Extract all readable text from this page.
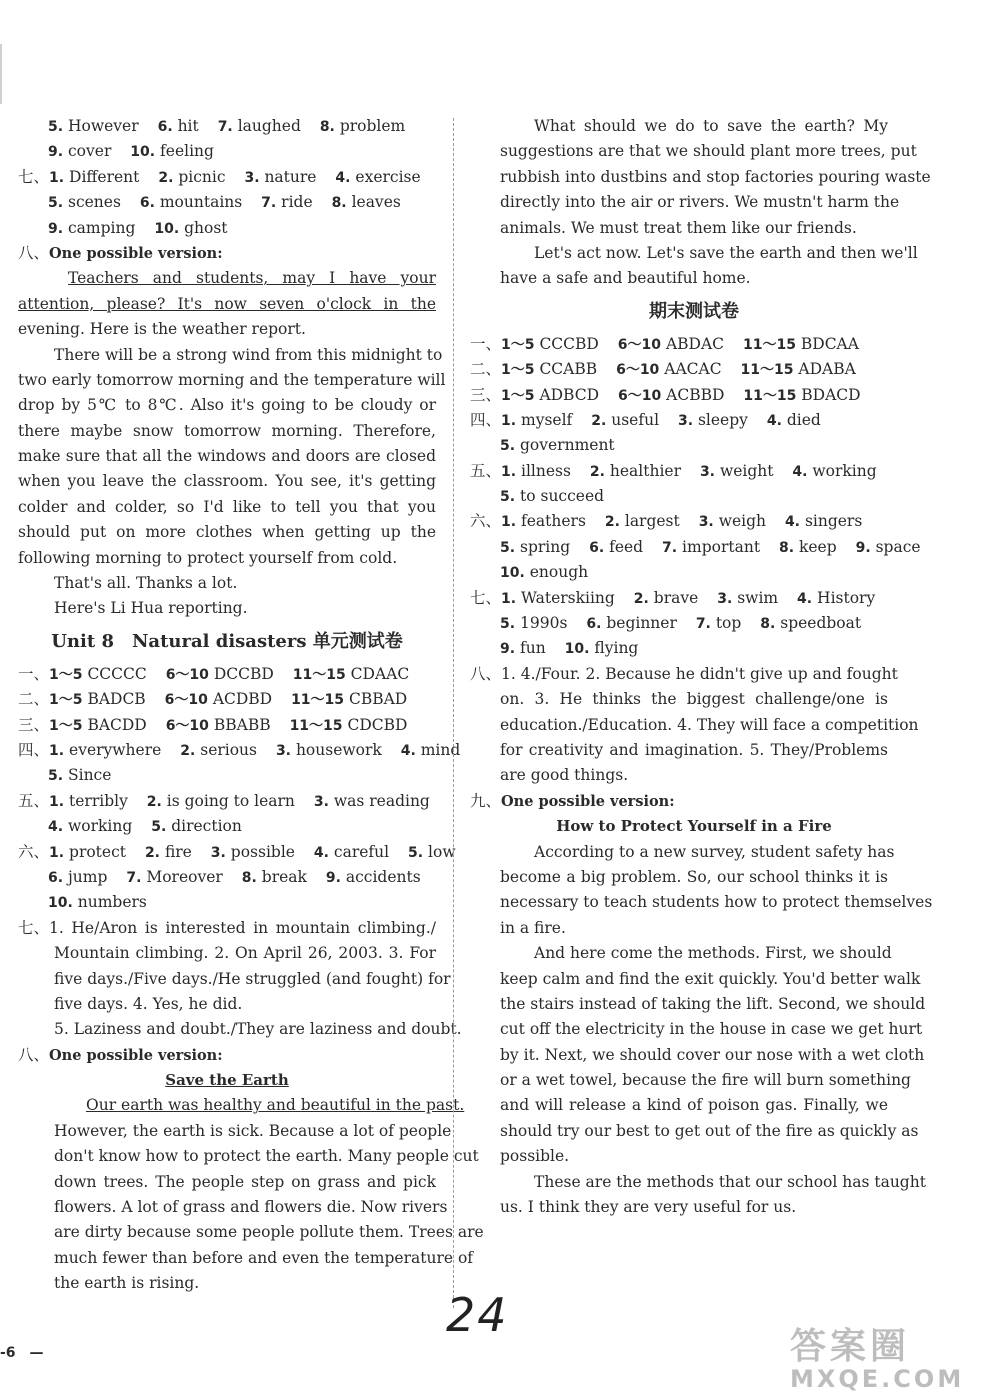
5. However 6. hit 7. laughed 8. problem
9. cover 10. feeling
七、1. Different 2. picnic 3. nature 4. exercise
5. scenes 6. mountains 7. ride 8. leaves
9. camping 10. ghost
八、One possible version:
Teachers and students, may I have your
attention, please? It's now seven o'clock in the
evening. Here is the weather report.
There will be a strong wind from this midnight to
two early tomorrow morning and the temperature will
drop by 5℃ to 8℃. Also it's going to be cloudy or
there maybe snow tomorrow morning. Therefore,
make sure that all the windows and doors are closed
when you leave the classroom. You see, it's getting
colder and colder, so I'd like to tell you that you
should put on more clothes when getting up the
following morning to protect yourself from cold.
That's all. Thanks a lot.
Here's Li Hua reporting.
Unit 8　Natural disasters 单元测试卷
一、1～5 CCCCC 6～10 DCCBD 11～15 CDAAC
二、1～5 BADCB 6～10 ACDBD 11～15 CBBAD
三、1～5 BACDD 6～10 BBABB 11～15 CDCBD
四、1. everywhere 2. serious 3. housework 4. mind
5. Since
五、1. terribly 2. is going to learn 3. was reading
4. working 5. direction
六、1. protect 2. fire 3. possible 4. careful 5. low
6. jump 7. Moreover 8. break 9. accidents
10. numbers
七、1. He/Aron is interested in mountain climbing./
Mountain climbing. 2. On April 26, 2003. 3. For
five days./Five days./He struggled (and fought) for
five days. 4. Yes, he did.
5. Laziness and doubt./They are laziness and doubt.
八、One possible version:
Save the Earth
Our earth was healthy and beautiful in the past.
However, the earth is sick. Because a lot of people
don't know how to protect the earth. Many people cut
down trees. The people step on grass and pick
flowers. A lot of grass and flowers die. Now rivers
are dirty because some people pollute them. Trees are
much fewer than before and even the temperature of
the earth is rising.
What should we do to save the earth? My
suggestions are that we should plant more trees, put
rubbish into dustbins and stop factories pouring waste
directly into the air or rivers. We mustn't harm the
animals. We must treat them like our friends.
Let's act now. Let's save the earth and then we'll
have a safe and beautiful home.
期末测试卷
一、1～5 CCCBD 6～10 ABDAC 11～15 BDCAA
二、1～5 CCABB 6～10 AACAC 11～15 ADABA
三、1～5 ADBCD 6～10 ACBBD 11～15 BDACD
四、1. myself 2. useful 3. sleepy 4. died
5. government
五、1. illness 2. healthier 3. weight 4. working
5. to succeed
六、1. feathers 2. largest 3. weigh 4. singers
5. spring 6. feed 7. important 8. keep 9. space
10. enough
七、1. Waterskiing 2. brave 3. swim 4. History
5. 1990s 6. beginner 7. top 8. speedboat
9. fun 10. flying
八、1. 4./Four. 2. Because he didn't give up and fought
on. 3. He thinks the biggest challenge/one is
education./Education. 4. They will face a competition
for creativity and imagination. 5. They/Problems
are good things.
九、One possible version:
How to Protect Yourself in a Fire
According to a new survey, student safety has
become a big problem. So, our school thinks it is
necessary to teach students how to protect themselves
in a fire.
And here come the methods. First, we should
keep calm and find the exit quickly. You'd better walk
the stairs instead of taking the lift. Second, we should
cut off the electricity in the house in case we get hurt
by it. Next, we should cover our nose with a wet cloth
or a wet towel, because the fire will burn something
and will release a kind of poison gas. Finally, we
should try our best to get out of the fire as quickly as
possible.
These are the methods that our school has taught
us. I think they are very useful for us.
-6　—
24
答案圈
MXQE.COM
